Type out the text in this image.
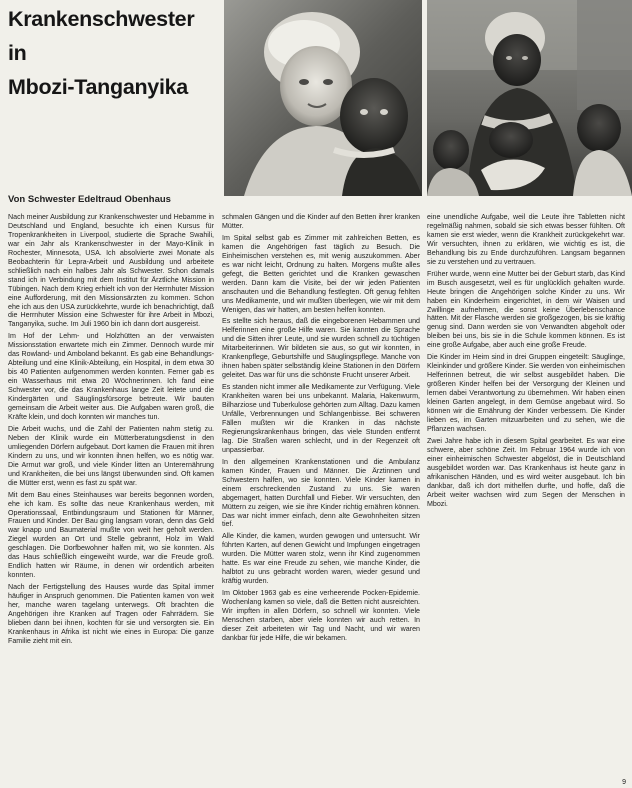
Krankenschwester
in
Mbozi-Tanganyika
Von Schwester Edeltraud Obenhaus

Nach meiner Ausbildung zur Krankenschwester und Hebamme in Deutschland und England, besuchte ich einen Kursus für Tropenkrankheiten in Liverpool, studierte die Sprache Swahili, war ein Jahr als Krankenschwester in der Mayo-Klinik in Rochester, Minnesota, USA. Ich absolvierte zwei Monate als Beobachterin für Lepra-Arbeit und Ausbildung und arbeitete schließlich nach ein halbes Jahr als Schwester. Schon damals stand ich in Verbindung mit dem Institut für Ärztliche Mission in Tübingen. Nach dem Krieg erhielt ich von der Herrnhuter Mission eine Aufforderung, mit den Missionsärzten zu kommen. Schon ehe ich aus den USA zurückkehrte, wurde ich benachrichtigt, daß die Herrnhuter Mission eine Schwester für ihre Arbeit in Mbozi, Tanganyika, suche. Im Juli 1960 bin ich dann dort ausgereist.

Im Hof der Lehm- und Holzhütten an der verwaisten Missionsstation erwartete mich ein Zimmer. Dennoch wurde mir das Rowland- und Amboland bekannt. Es gab eine Behandlungs-Abteilung und eine Klinik-Abteilung, ein Hospital, in dem etwa 30 bis 40 Patienten aufgenommen werden konnten. Ferner gab es ein Wasserhaus mit etwa 20 Wöchnerinnen. Ich fand eine Schwester vor, die das Krankenhaus lange Zeit leitete und die Kindergärten und Säuglingsfürsorge betreute. Wir bauten gemeinsam die Arbeit weiter aus. Die Aufgaben waren groß, die Kräfte klein, und doch konnten wir manches tun.

Die Arbeit wuchs, und die Zahl der Patienten nahm stetig zu. Neben der Klinik wurde ein Mütterberatungsdienst in den umliegenden Dörfern aufgebaut. Dort kamen die Frauen mit ihren Kindern zu uns, und wir konnten ihnen helfen, wo es nötig war. Die Armut war groß, und viele Kinder litten an Unterernährung und Krankheiten, die bei uns längst überwunden sind. Oft kamen die Mütter erst, wenn es fast zu spät war.

Mit dem Bau eines Steinhauses war bereits begonnen worden, ehe ich kam. Es sollte das neue Krankenhaus werden, mit Operationssaal, Entbindungsraum und Stationen für Männer, Frauen und Kinder. Der Bau ging langsam voran, denn das Geld war knapp und Baumaterial mußte von weit her geholt werden. Ziegel wurden an Ort und Stelle gebrannt, Holz im Wald geschlagen. Die Dorfbewohner halfen mit, wo sie konnten. Als das Haus schließlich eingeweiht wurde, war die Freude groß. Endlich hatten wir Räume, in denen wir ordentlich arbeiten konnten.

Nach der Fertigstellung des Hauses wurde das Spital immer häufiger in Anspruch genommen. Die Patienten kamen von weit her, manche waren tagelang unterwegs. Oft brachten die Angehörigen ihre Kranken auf Tragen oder Fahrrädern. Sie blieben dann bei ihnen, kochten für sie und versorgten sie. Ein Krankenhaus in Afrika ist nicht wie eines in Europa: Die ganze Familie zieht mit ein.

schmalen Gängen und die Kinder auf den Betten ihrer kranken Mütter.

Im Spital selbst gab es Zimmer mit zahlreichen Betten, es kamen die Angehörigen fast täglich zu Besuch. Die Einheimischen verstehen es, mit wenig auszukommen. Aber es war nicht leicht, Ordnung zu halten. Morgens mußte alles gefegt, die Betten gerichtet und die Kranken gewaschen werden. Dann kam die Visite, bei der wir jeden Patienten anschauten und die Behandlung festlegten. Oft genug fehlten uns Medikamente, und wir mußten überlegen, wie wir mit dem Wenigen, das wir hatten, am besten helfen konnten.

Es stellte sich heraus, daß die eingeborenen Hebammen und Helferinnen eine große Hilfe waren. Sie kannten die Sprache und die Sitten ihrer Leute, und sie wurden schnell zu tüchtigen Mitarbeiterinnen. Wir bildeten sie aus, so gut wir konnten, in Krankenpflege, Geburtshilfe und Säuglingspflege. Manche von ihnen haben später selbständig kleine Stationen in den Dörfern geleitet. Das war für uns die schönste Frucht unserer Arbeit.

Es standen nicht immer alle Medikamente zur Verfügung. Viele Krankheiten waren bei uns unbekannt. Malaria, Hakenwurm, Bilharziose und Tuberkulose gehörten zum Alltag. Dazu kamen Unfälle, Verbrennungen und Schlangenbisse. Bei schweren Fällen mußten wir die Kranken in das nächste Regierungskrankenhaus bringen, das viele Stunden entfernt lag. Die Straßen waren schlecht, und in der Regenzeit oft unpassierbar.

In den allgemeinen Krankenstationen und die Ambulanz kamen Kinder, Frauen und Männer. Die Ärztinnen und Schwestern halfen, wo sie konnten. Viele Kinder kamen in einem erschreckenden Zustand zu uns. Sie waren abgemagert, hatten Durchfall und Fieber. Wir versuchten, den Müttern zu zeigen, wie sie ihre Kinder richtig ernähren können. Das war nicht immer einfach, denn alte Gewohnheiten sitzen tief.

Alle Kinder, die kamen, wurden gewogen und untersucht. Wir führten Karten, auf denen Gewicht und Impfungen eingetragen wurden. Die Mütter waren stolz, wenn ihr Kind zugenommen hatte. Es war eine Freude zu sehen, wie manche Kinder, die halbtot zu uns gebracht worden waren, wieder gesund und kräftig wurden.

Im Oktober 1963 gab es eine verheerende Pocken-Epidemie. Wochenlang kamen so viele, daß die Betten nicht ausreichten. Wir impften in allen Dörfern, so schnell wir konnten. Viele Menschen starben, aber viele konnten wir auch retten. In dieser Zeit arbeiteten wir Tag und Nacht, und wir waren dankbar für jede Hilfe, die wir bekamen.

eine unendliche Aufgabe, weil die Leute ihre Tabletten nicht regelmäßig nahmen, sobald sie sich etwas besser fühlten. Oft kamen sie erst wieder, wenn die Krankheit zurückgekehrt war. Wir versuchten, ihnen zu erklären, wie wichtig es ist, die Behandlung bis zu Ende durchzuführen. Langsam begannen sie zu verstehen und zu vertrauen.

Früher wurde, wenn eine Mutter bei der Geburt starb, das Kind im Busch ausgesetzt, weil es für unglücklich gehalten wurde. Heute bringen die Angehörigen solche Kinder zu uns. Wir haben ein Kinderheim eingerichtet, in dem wir Waisen und Zwillinge aufnehmen, die sonst keine Überlebenschance hätten. Mit der Flasche werden sie großgezogen, bis sie kräftig genug sind. Dann werden sie von Verwandten abgeholt oder bleiben bei uns, bis sie in die Schule kommen können. Es ist eine große Aufgabe, aber auch eine große Freude.

Die Kinder im Heim sind in drei Gruppen eingeteilt: Säuglinge, Kleinkinder und größere Kinder. Sie werden von einheimischen Helferinnen betreut, die wir selbst ausgebildet haben. Die größeren Kinder helfen bei der Versorgung der Kleinen und lernen dabei Verantwortung zu übernehmen. Wir haben einen kleinen Garten angelegt, in dem Gemüse angebaut wird. So können wir die Ernährung der Kinder verbessern. Die Kinder lieben es, im Garten mitzuarbeiten und zu sehen, wie die Pflanzen wachsen.

Zwei Jahre habe ich in diesem Spital gearbeitet. Es war eine schwere, aber schöne Zeit. Im Februar 1964 wurde ich von einer einheimischen Schwester abgelöst, die in Deutschland ausgebildet worden war. Das Krankenhaus ist heute ganz in afrikanischen Händen, und es wird weiter ausgebaut. Ich bin dankbar, daß ich dort mithelfen durfte, und hoffe, daß die Arbeit weiter wachsen wird zum Segen der Menschen in Mbozi.

9
